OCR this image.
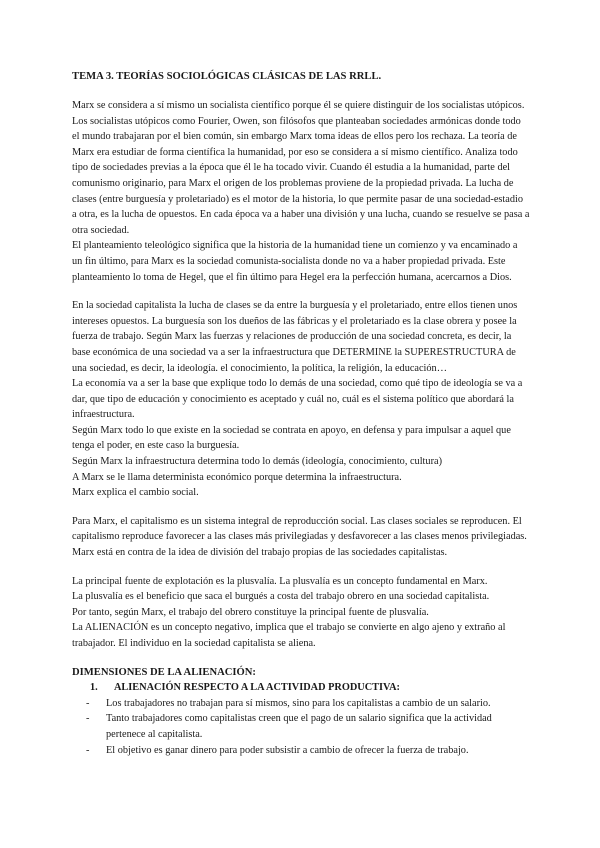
TEMA 3. TEORÍAS SOCIOLÓGICAS CLÁSICAS DE LAS RRLL.

Marx se considera a sí mismo un socialista científico porque él se quiere distinguir de los socialistas utópicos. Los socialistas utópicos como Fourier, Owen, son filósofos que planteaban sociedades armónicas donde todo el mundo trabajaran por el bien común, sin embargo Marx toma ideas de ellos pero los rechaza. La teoría de Marx era estudiar de forma científica la humanidad, por eso se considera a sí mismo científico. Analiza todo tipo de sociedades previas a la época que él le ha tocado vivir. Cuando él estudia a la humanidad, parte del comunismo originario, para Marx el origen de los problemas proviene de la propiedad privada. La lucha de clases (entre burguesía y proletariado) es el motor de la historia, lo que permite pasar de una sociedad-estadio a otra, es la lucha de opuestos. En cada época va a haber una división y una lucha, cuando se resuelve se pasa a otra sociedad.

El planteamiento teleológico significa que la historia de la humanidad tiene un comienzo y va encaminado a un fin último, para Marx es la sociedad comunista-socialista donde no va a haber propiedad privada. Este planteamiento lo toma de Hegel, que el fin último para Hegel era la perfección humana, acercarnos a Dios.

En la sociedad capitalista la lucha de clases se da entre la burguesía y el proletariado, entre ellos tienen unos intereses opuestos. La burguesía son los dueños de las fábricas y el proletariado es la clase obrera y posee la fuerza de trabajo. Según Marx las fuerzas y relaciones de producción de una sociedad concreta, es decir, la base económica de una sociedad va a ser la infraestructura que DETERMINE la SUPERESTRUCTURA de una sociedad, es decir, la ideología. el conocimiento, la política, la religión, la educación…

La economía va a ser la base que explique todo lo demás de una sociedad, como qué tipo de ideología se va a dar, que tipo de educación y conocimiento es aceptado y cuál no, cuál es el sistema político que abordará la infraestructura.

Según Marx todo lo que existe en la sociedad se contrata en apoyo, en defensa y para impulsar a aquel que tenga el poder, en este caso la burguesía.

Según Marx la infraestructura determina todo lo demás (ideología, conocimiento, cultura)

A Marx se le llama determinista económico porque determina la infraestructura.

Marx explica el cambio social.

Para Marx, el capitalismo es un sistema integral de reproducción social. Las clases sociales se reproducen. El capitalismo reproduce favorecer a las clases más privilegiadas y desfavorecer a las clases menos privilegiadas. Marx está en contra de la idea de división del trabajo propias de las sociedades capitalistas.

La principal fuente de explotación es la plusvalía. La plusvalía es un concepto fundamental en Marx.

La plusvalía es el beneficio que saca el burgués a costa del trabajo obrero en una sociedad capitalista.

Por tanto, según Marx, el trabajo del obrero constituye la principal fuente de plusvalía.

La ALIENACIÓN es un concepto negativo, implica que el trabajo se convierte en algo ajeno y extraño al trabajador. El individuo en la sociedad capitalista se aliena.

DIMENSIONES DE LA ALIENACIÓN:
1.	ALIENACIÓN RESPECTO A LA ACTIVIDAD PRODUCTIVA:
-	Los trabajadores no trabajan para sí mismos, sino para los capitalistas a cambio de un salario.
-	Tanto trabajadores como capitalistas creen que el pago de un salario significa que la actividad pertenece al capitalista.
-	El objetivo es ganar dinero para poder subsistir a cambio de ofrecer la fuerza de trabajo.
